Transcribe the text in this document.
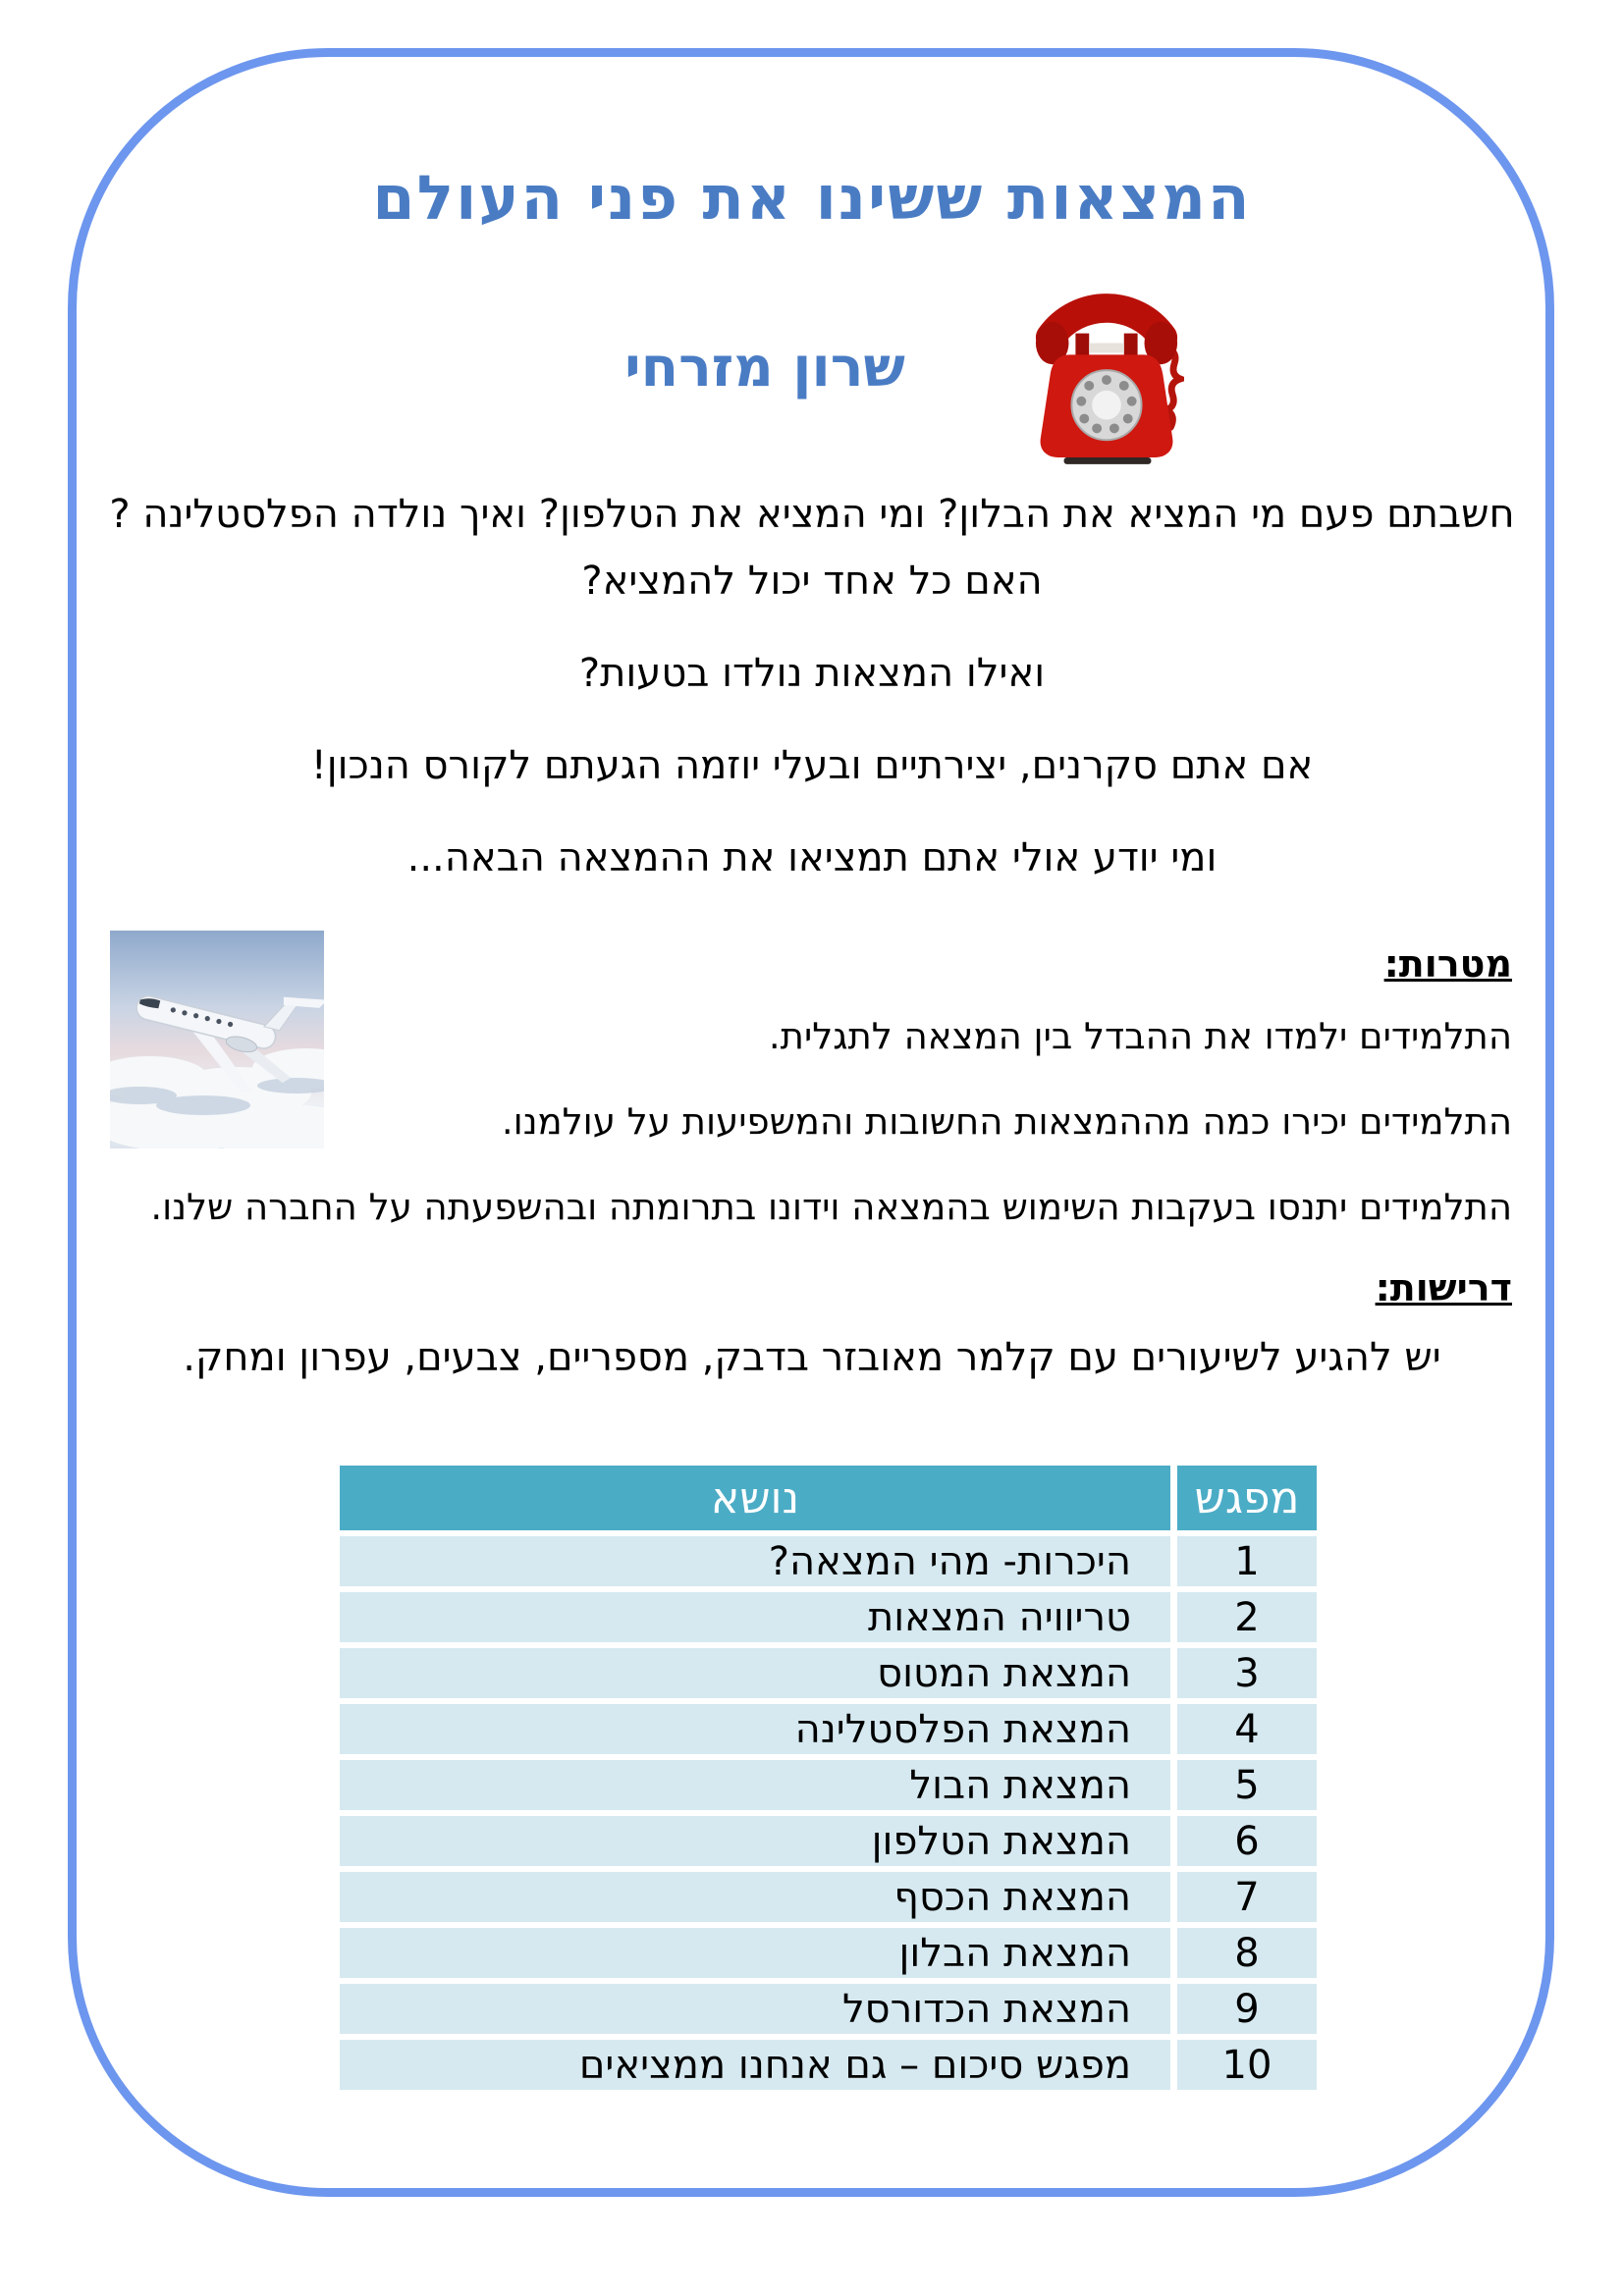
המצאות ששינו את פני העולם
שרון מזרחי

חשבתם פעם מי המציא את הבלון? ומי המציא את הטלפון? ואיך נולדה הפלסטלינה ? האם כל אחד יכול להמציא?

ואילו המצאות נולדו בטעות?

אם אתם סקרנים, יצירתיים ובעלי יוזמה הגעתם לקורס הנכון!

ומי יודע אולי אתם תמציאו את ההמצאה הבאה...

מטרות:
התלמידים ילמדו את ההבדל בין המצאה לתגלית.
התלמידים יכירו כמה מההמצאות החשובות והמשפיעות על עולמנו.
התלמידים יתנסו בעקבות השימוש בהמצאה וידונו בתרומתה ובהשפעתה על החברה שלנו.
דרישות:
יש להגיע לשיעורים עם קלמר מאובזר בדבק, מספריים, צבעים, עפרון ומחק.
מפגש
נושא
1
היכרות- מהי המצאה?
2
טריוויה המצאות
3
המצאת המטוס
4
המצאת הפלסטלינה
5
המצאת הבול
6
המצאת הטלפון
7
המצאת הכסף
8
המצאת הבלון
9
המצאת הכדורסל
10
מפגש סיכום – גם אנחנו ממציאים
